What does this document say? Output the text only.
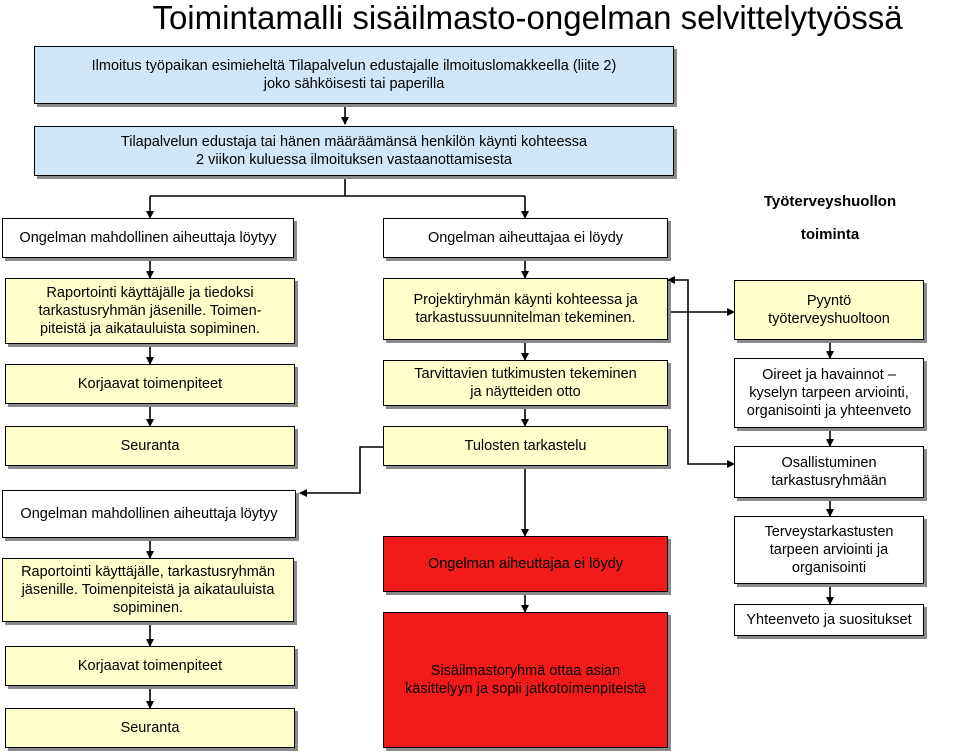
Toimintamalli sisäilmasto-ongelman selvittelytyössä
Ilmoitus työpaikan esimieheltä Tilapalvelun edustajalle ilmoituslomakkeella (liite 2)
joko sähköisesti tai paperilla
Tilapalvelun edustaja tai hänen määräämänsä henkilön käynti kohteessa
2 viikon kuluessa ilmoituksen vastaanottamisesta
Työterveyshuollon
toiminta
Ongelman mahdollinen aiheuttaja löytyy
Raportointi käyttäjälle ja tiedoksi
tarkastusryhmän jäsenille. Toimen-
piteistä ja aikatauluista sopiminen.
Korjaavat toimenpiteet
Seuranta
Ongelman mahdollinen aiheuttaja löytyy
Raportointi käyttäjälle, tarkastusryhmän
jäsenille. Toimenpiteistä ja aikatauluista
sopiminen.
Korjaavat toimenpiteet
Seuranta
Ongelman aiheuttajaa ei löydy
Projektiryhmän käynti kohteessa ja
tarkastussuunnitelman tekeminen.
Tarvittavien tutkimusten tekeminen
ja näytteiden otto
Tulosten tarkastelu
Ongelman aiheuttajaa ei löydy
Sisäilmastoryhmä ottaa asian
käsittelyyn ja sopii jatkotoimenpiteistä
Pyyntö
työterveyshuoltoon
Oireet ja havainnot –
kyselyn tarpeen arviointi,
organisointi ja yhteenveto
Osallistuminen
tarkastusryhmään
Terveystarkastusten
tarpeen arviointi ja
organisointi
Yhteenveto ja suositukset
